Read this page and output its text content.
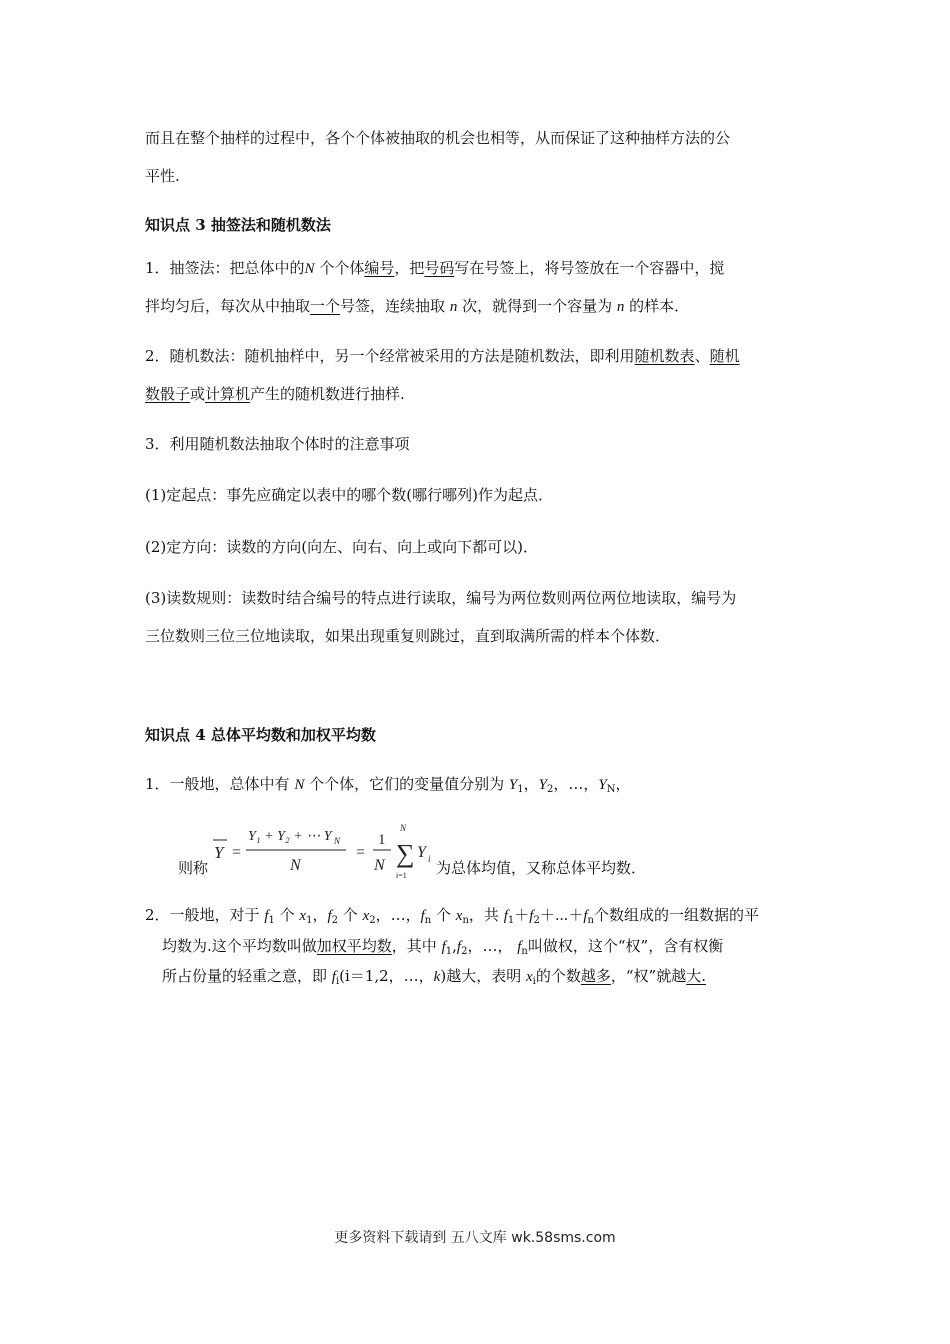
而且在整个抽样的过程中，各个个体被抽取的机会也相等，从而保证了这种抽样方法的公
平性.
知识点 3 抽签法和随机数法
1．抽签法：把总体中的N 个个体编号，把号码写在号签上，将号签放在一个容器中，搅
拌均匀后，每次从中抽取一个号签，连续抽取 n 次，就得到一个容量为 n 的样本．
2．随机数法：随机抽样中，另一个经常被采用的方法是随机数法，即利用随机数表、随机
数骰子或计算机产生的随机数进行抽样.
3．利用随机数法抽取个体时的注意事项
(1)定起点：事先应确定以表中的哪个数(哪行哪列)作为起点．
(2)定方向：读数的方向(向左、向右、向上或向下都可以)．
(3)读数规则：读数时结合编号的特点进行读取，编号为两位数则两位两位地读取，编号为
三位数则三位三位地读取，如果出现重复则跳过，直到取满所需的样本个体数．
知识点 4 总体平均数和加权平均数
1．一般地，总体中有 N 个个体，它们的变量值分别为 $Y_1$，$Y_2$，…，$Y_N$，
Y =
Y₁ + Y₂ + ⋯ Y N
N
=
1
N
N
∑
i=1
Y i
则称	为总体均值，又称总体平均数．
2．一般地，对于 $f_1$ 个 $x_1$，$f_2$ 个 $x_2$，…，$f_n$ 个 $x_n$，共 $f_1+f_2+\cdots+f_n$个数组成的一组数据的平
均数为.这个平均数叫做加权平均数，其中 $f_1,f_2$，…， $f_n$叫做权，这个“权”，含有权衡
所占份量的轻重之意，即 $f_i(i=1,2$，…，k)越大，表明 $x_i$的个数越多，“权”就越大.
更多资料下载请到 五八文库 wk.58sms.com
